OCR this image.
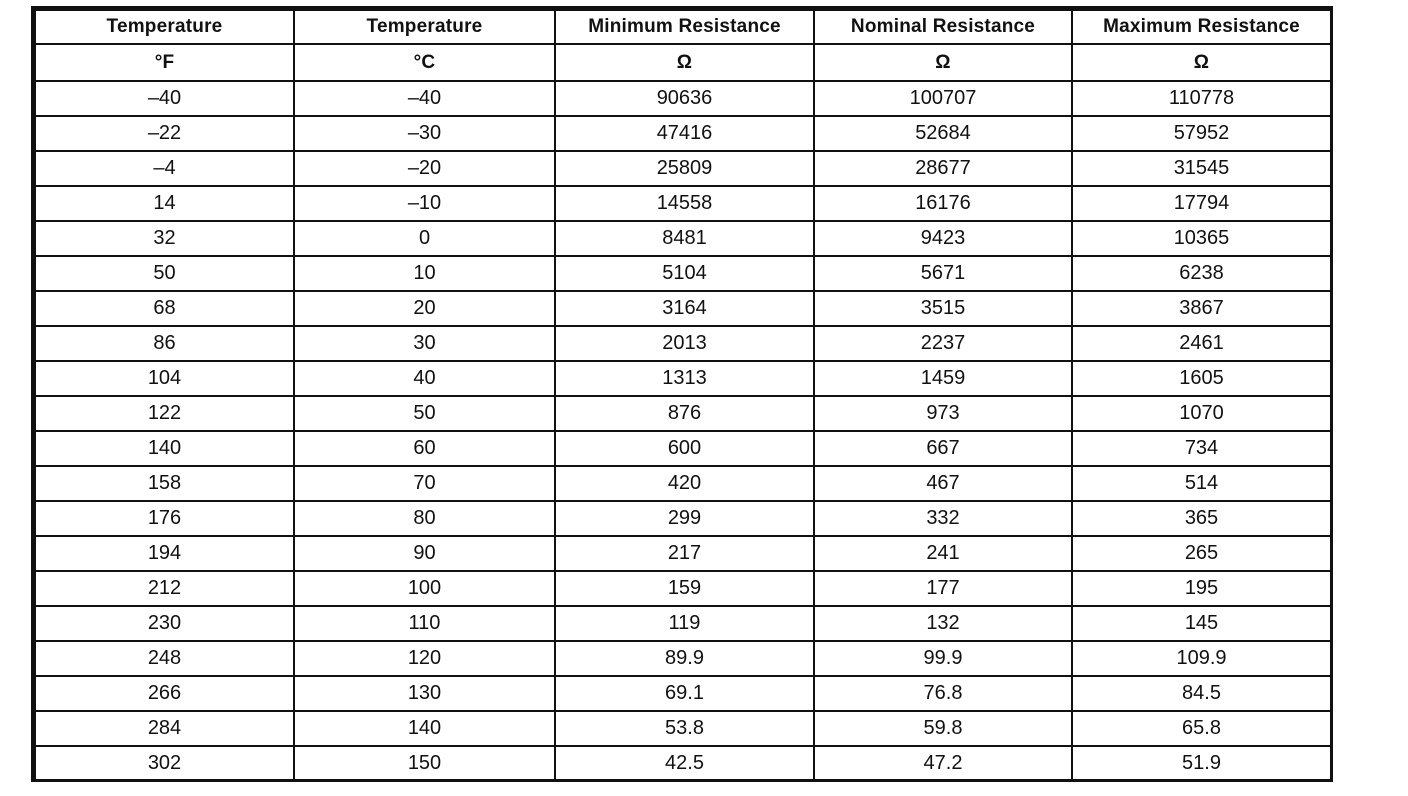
Temperature	Temperature	Minimum Resistance	Nominal Resistance	Maximum Resistance
°F	°C	Ω	Ω	Ω
–40	–40	90636	100707	110778
–22	–30	47416	52684	57952
–4	–20	25809	28677	31545
14	–10	14558	16176	17794
32	0	8481	9423	10365
50	10	5104	5671	6238
68	20	3164	3515	3867
86	30	2013	2237	2461
104	40	1313	1459	1605
122	50	876	973	1070
140	60	600	667	734
158	70	420	467	514
176	80	299	332	365
194	90	217	241	265
212	100	159	177	195
230	110	119	132	145
248	120	89.9	99.9	109.9
266	130	69.1	76.8	84.5
284	140	53.8	59.8	65.8
302	150	42.5	47.2	51.9
